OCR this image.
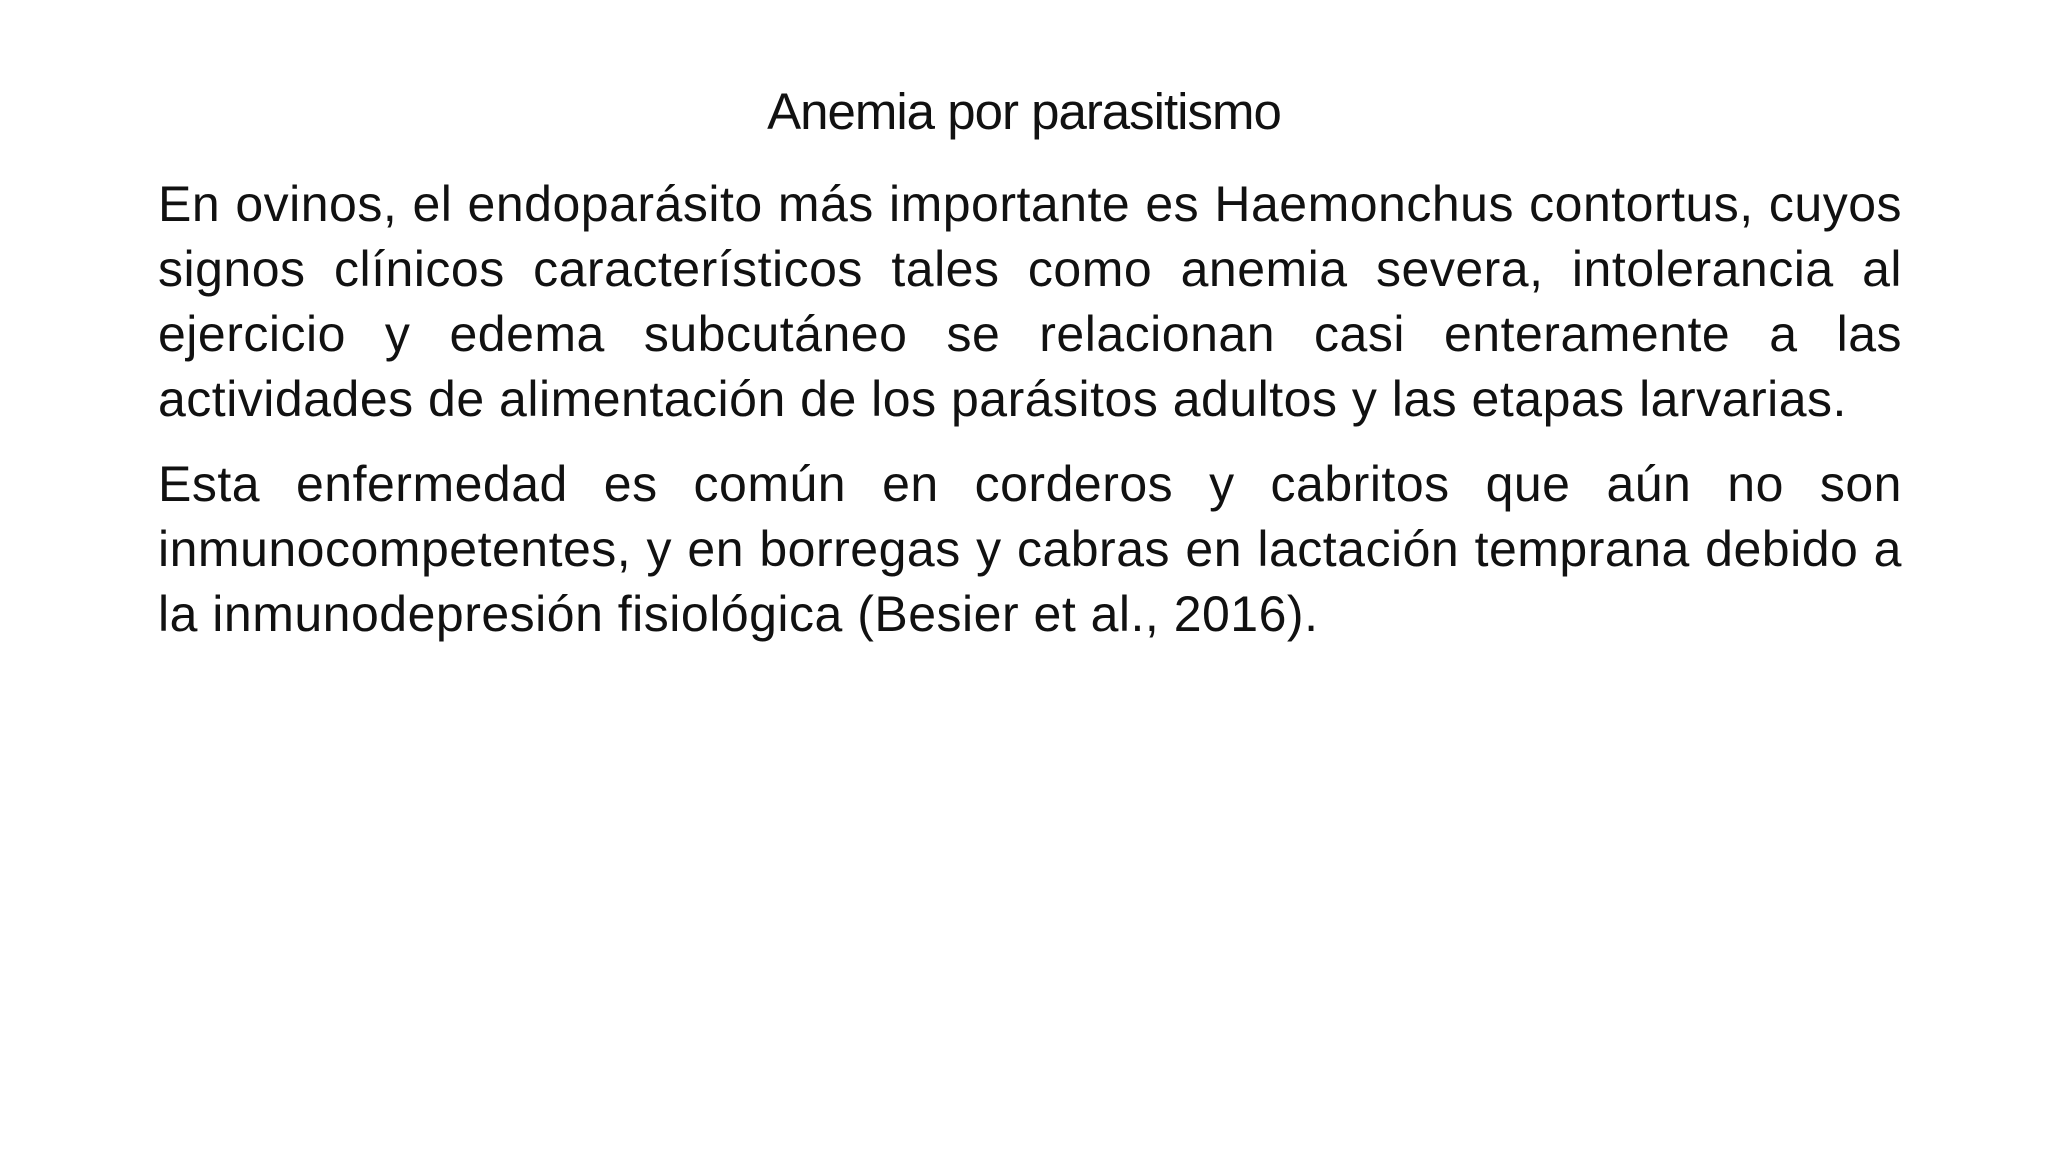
Anemia por parasitismo

En ovinos, el endoparásito más importante es Haemonchus contortus, cuyos signos clínicos característicos tales como anemia severa, intolerancia al ejercicio y edema subcutáneo se relacionan casi enteramente a las actividades de alimentación de los parásitos adultos y las etapas larvarias.

Esta enfermedad es común en corderos y cabritos que aún no son inmunocompetentes, y en borregas y cabras en lactación temprana debido a la inmunodepresión fisiológica (Besier et al., 2016).
